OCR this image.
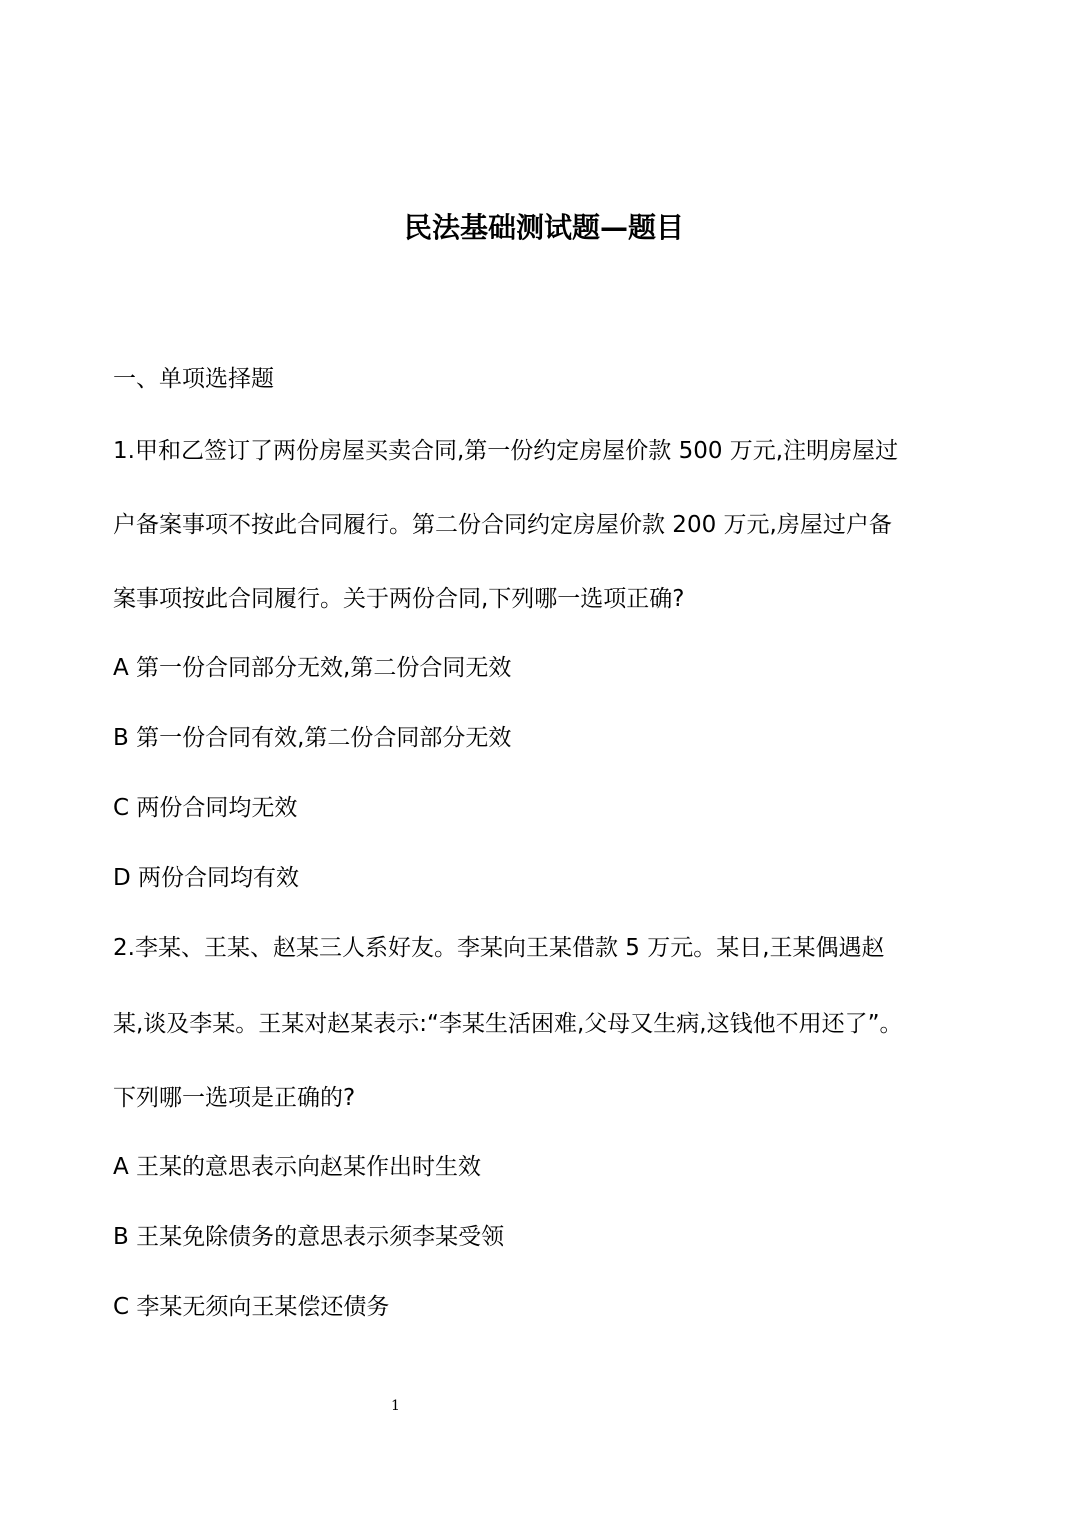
民法基础测试题—题目

一、单项选择题

1.甲和乙签订了两份房屋买卖合同,第一份约定房屋价款 500 万元,注明房屋过

户备案事项不按此合同履行。第二份合同约定房屋价款 200 万元,房屋过户备

案事项按此合同履行。关于两份合同,下列哪一选项正确?

A 第一份合同部分无效,第二份合同无效

B 第一份合同有效,第二份合同部分无效

C 两份合同均无效

D 两份合同均有效

2.李某、王某、赵某三人系好友。李某向王某借款 5 万元。某日,王某偶遇赵

某,谈及李某。王某对赵某表示:“李某生活困难,父母又生病,这钱他不用还了”。

下列哪一选项是正确的?

A 王某的意思表示向赵某作出时生效

B 王某免除债务的意思表示须李某受领

C 李某无须向王某偿还债务

1
